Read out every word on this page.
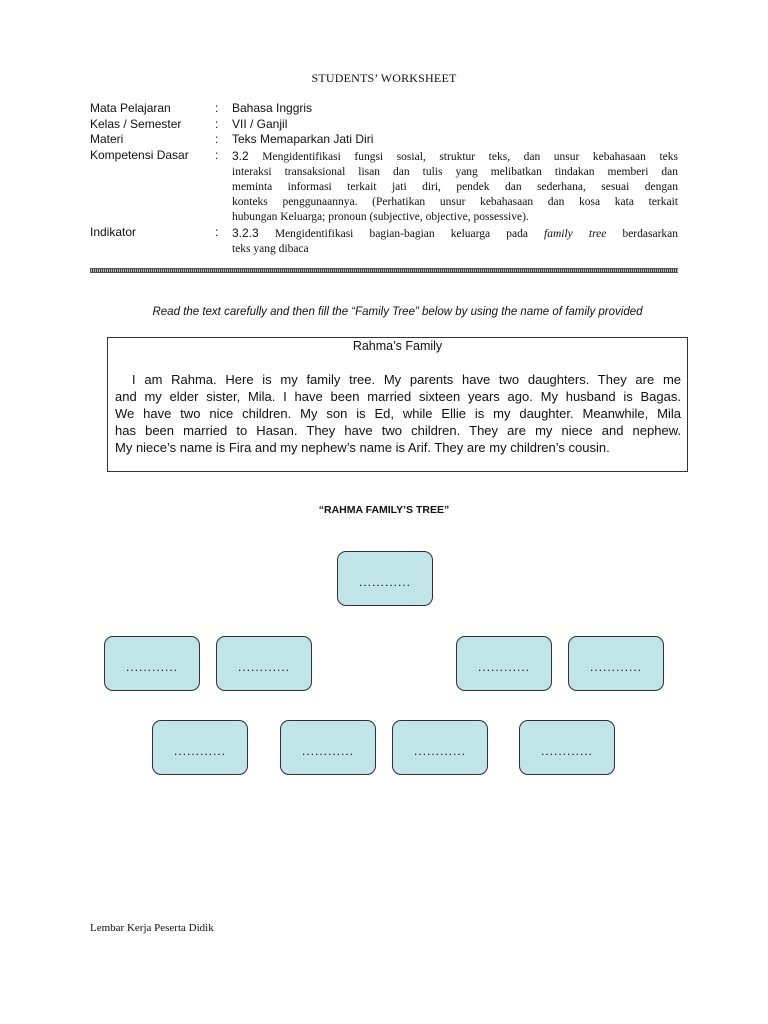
STUDENTS’ WORKSHEET
Mata Pelajaran	:	Bahasa Inggris
Kelas / Semester	:	VII / Ganjil
Materi	:	Teks Memaparkan Jati Diri
Kompetensi Dasar	:	3.2 Mengidentifikasi fungsi sosial, struktur teks, dan unsur kebahasaan teks
interaksi transaksional lisan dan tulis yang melibatkan tindakan memberi dan
meminta informasi terkait jati diri, pendek dan sederhana, sesuai dengan
konteks penggunaannya. (Perhatikan unsur kebahasaan dan kosa kata terkait
hubungan Keluarga; pronoun (subjective, objective, possessive).
Indikator	:	3.2.3 Mengidentifikasi bagian-bagian keluarga pada family tree berdasarkan
teks yang dibaca
Read the text carefully and then fill the “Family Tree” below by using the name of family provided
Rahma’s Family
I am Rahma. Here is my family tree. My parents have two daughters. They are me
and my elder sister, Mila. I have been married sixteen years ago. My husband is Bagas.
We have two nice children. My son is Ed, while Ellie is my daughter. Meanwhile, Mila
has been married to Hasan. They have two children. They are my niece and nephew.
My niece’s name is Fira and my nephew’s name is Arif. They are my children’s cousin.
“RAHMA FAMILY’S TREE”
............
............	............	............	............
............	............	............	............
Lembar Kerja Peserta Didik
